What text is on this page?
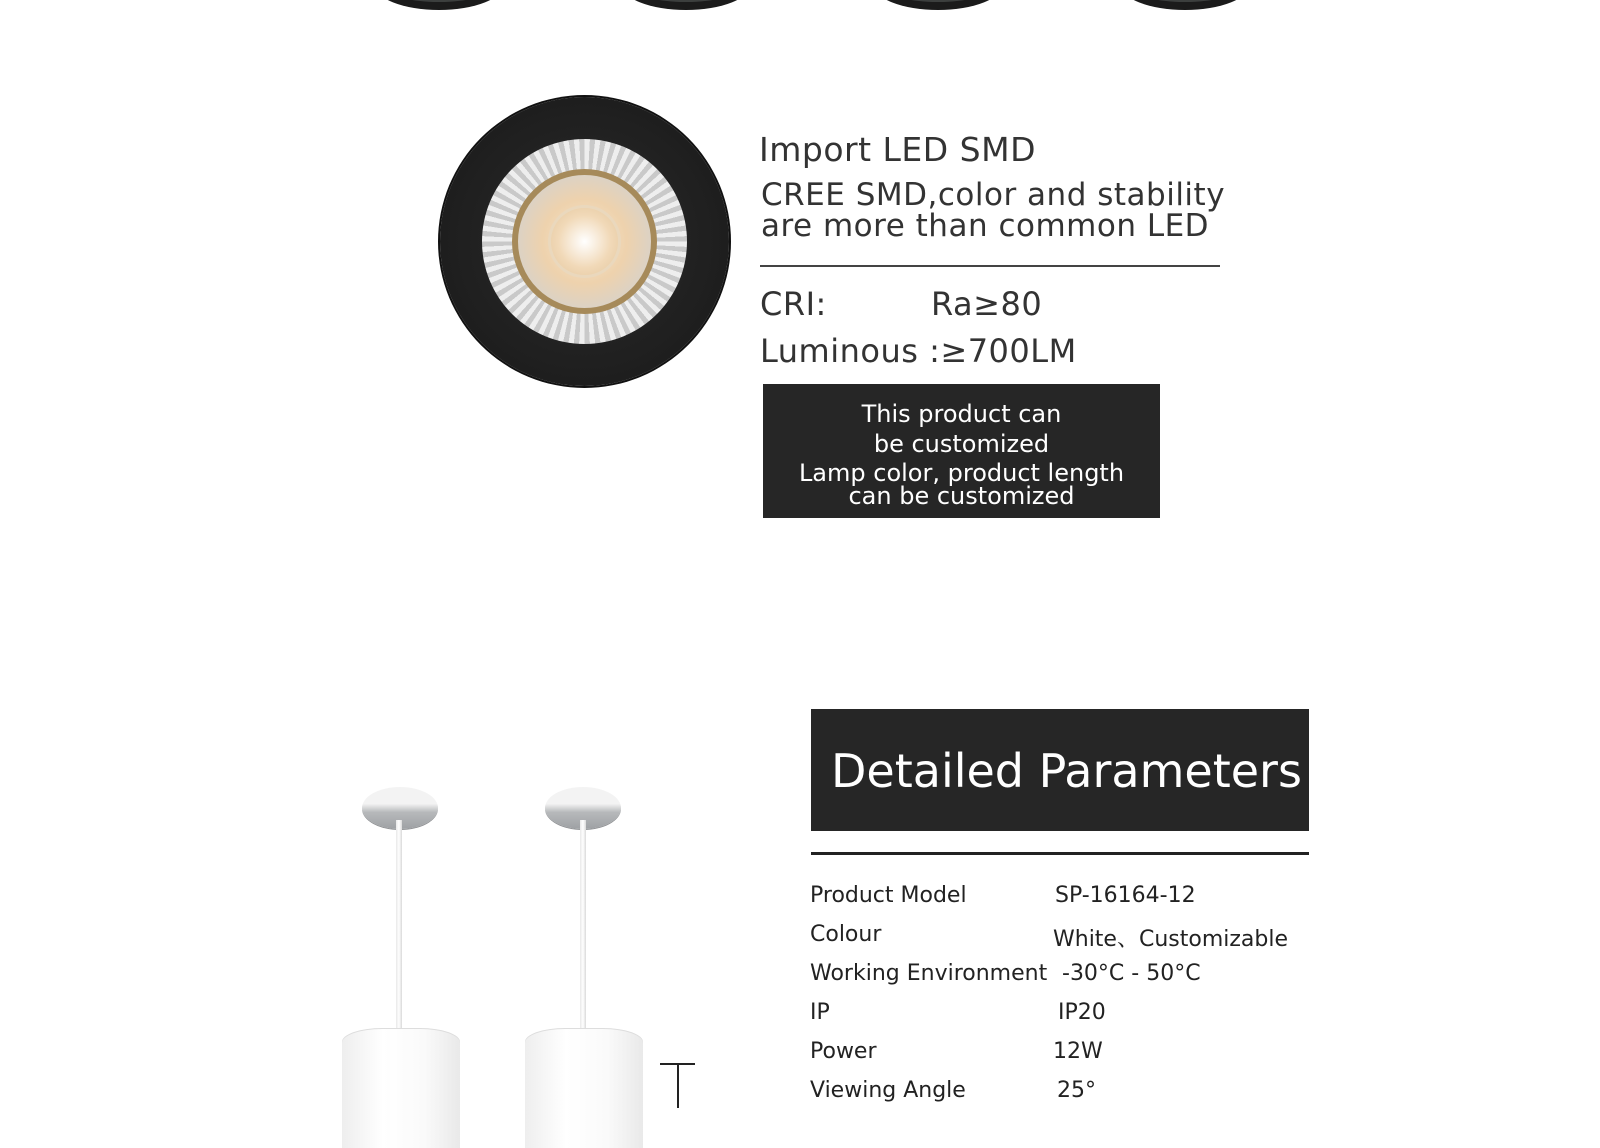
Import LED SMD
CREE SMD,color and stability
are more than common LED
CRI:	Ra≥80
Luminous :≥700LM
This product can
be customized
Lamp color, product length
can be customized
Detailed Parameters
Product Model	SP-16164-12
Colour	White、Customizable
Working Environment -30°C - 50°C
IP	IP20
Power	12W
Viewing Angle	25°
